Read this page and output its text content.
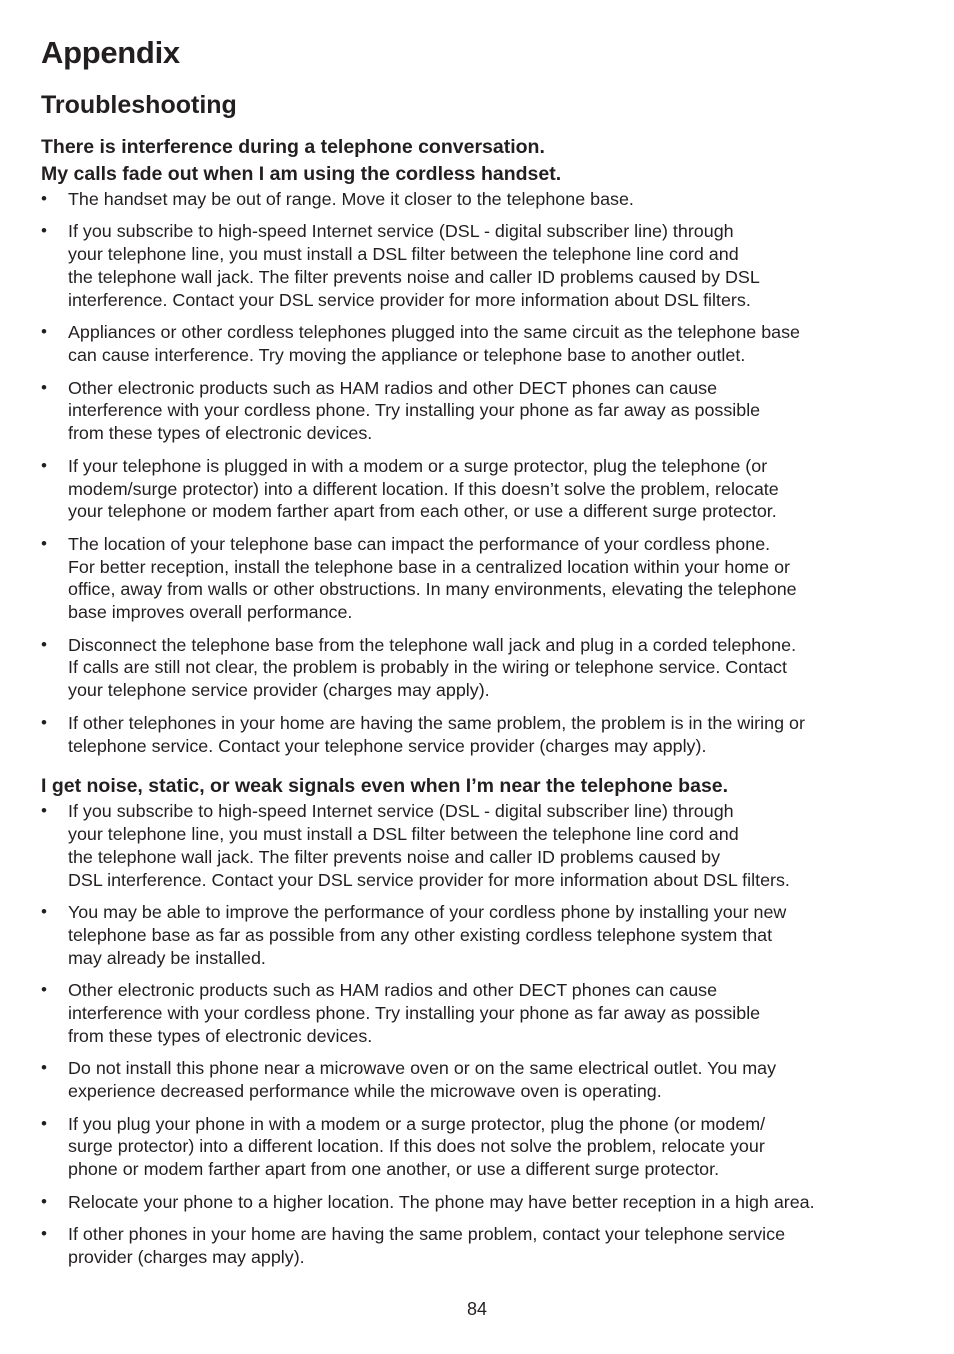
Appendix
Troubleshooting
There is interference during a telephone conversation.
My calls fade out when I am using the cordless handset.
•	The handset may be out of range. Move it closer to the telephone base.
•	If you subscribe to high-speed Internet service (DSL - digital subscriber line) through
your telephone line, you must install a DSL filter between the telephone line cord and
the telephone wall jack. The filter prevents noise and caller ID problems caused by DSL
interference. Contact your DSL service provider for more information about DSL filters.
•	Appliances or other cordless telephones plugged into the same circuit as the telephone base
can cause interference. Try moving the appliance or telephone base to another outlet.
•	Other electronic products such as HAM radios and other DECT phones can cause
interference with your cordless phone. Try installing your phone as far away as possible
from these types of electronic devices.
•	If your telephone is plugged in with a modem or a surge protector, plug the telephone (or
modem/surge protector) into a different location. If this doesn’t solve the problem, relocate
your telephone or modem farther apart from each other, or use a different surge protector.
•	The location of your telephone base can impact the performance of your cordless phone.
For better reception, install the telephone base in a centralized location within your home or
office, away from walls or other obstructions. In many environments, elevating the telephone
base improves overall performance.
•	Disconnect the telephone base from the telephone wall jack and plug in a corded telephone.
If calls are still not clear, the problem is probably in the wiring or telephone service. Contact
your telephone service provider (charges may apply).
•	If other telephones in your home are having the same problem, the problem is in the wiring or
telephone service. Contact your telephone service provider (charges may apply).
I get noise, static, or weak signals even when I’m near the telephone base.
•	If you subscribe to high-speed Internet service (DSL - digital subscriber line) through
your telephone line, you must install a DSL filter between the telephone line cord and
the telephone wall jack. The filter prevents noise and caller ID problems caused by
DSL interference. Contact your DSL service provider for more information about DSL filters.
•	You may be able to improve the performance of your cordless phone by installing your new
telephone base as far as possible from any other existing cordless telephone system that
may already be installed.
•	Other electronic products such as HAM radios and other DECT phones can cause
interference with your cordless phone. Try installing your phone as far away as possible
from these types of electronic devices.
•	Do not install this phone near a microwave oven or on the same electrical outlet. You may
experience decreased performance while the microwave oven is operating.
•	If you plug your phone in with a modem or a surge protector, plug the phone (or modem/
surge protector) into a different location. If this does not solve the problem, relocate your
phone or modem farther apart from one another, or use a different surge protector.
•	Relocate your phone to a higher location. The phone may have better reception in a high area.
•	If other phones in your home are having the same problem, contact your telephone service
provider (charges may apply).
84
